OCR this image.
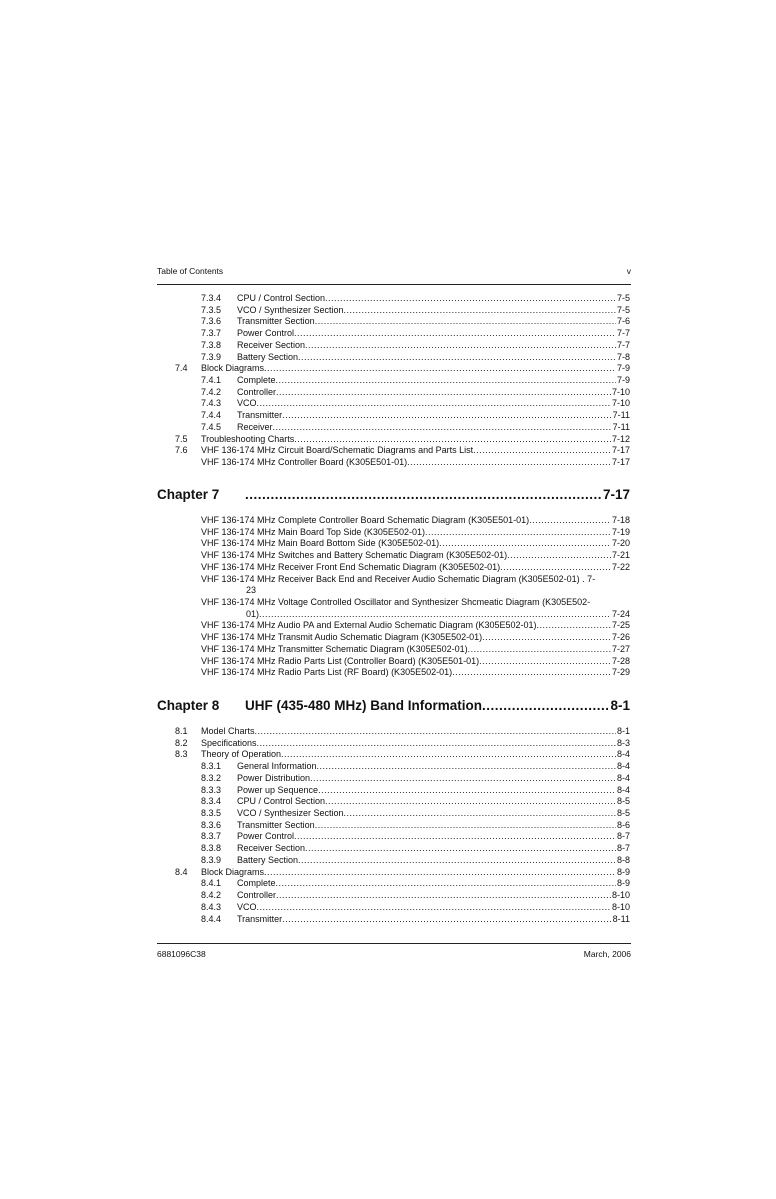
Table of Contents	v
7.3.4 CPU / Control Section .....	7-5
7.3.5 VCO / Synthesizer Section .....	7-5
7.3.6 Transmitter Section .....	7-6
7.3.7 Power Control .....	7-7
7.3.8 Receiver Section .....	7-7
7.3.9 Battery Section .....	7-8
7.4 Block Diagrams .....	7-9
7.4.1 Complete .....	7-9
7.4.2 Controller .....	7-10
7.4.3 VCO .....	7-10
7.4.4 Transmitter .....	7-11
7.4.5 Receiver .....	7-11
7.5 Troubleshooting Charts .....	7-12
7.6 VHF 136-174 MHz Circuit Board/Schematic Diagrams and Parts List .....	7-17
VHF 136-174 MHz Controller Board (K305E501-01) .....	7-17
Chapter 7 .....	7-17
VHF 136-174 MHz Complete Controller Board Schematic Diagram (K305E501-01) .....	7-18
VHF 136-174 MHz Main Board Top Side (K305E502-01) .....	7-19
VHF 136-174 MHz Main Board Bottom Side (K305E502-01) .....	7-20
VHF 136-174 MHz Switches and Battery Schematic Diagram (K305E502-01) .....	7-21
VHF 136-174 MHz Receiver Front End Schematic Diagram (K305E502-01) .....	7-22
VHF 136-174 MHz Receiver Back End and Receiver Audio Schematic Diagram (K305E502-01) . 7-
23
VHF 136-174 MHz Voltage Controlled Oscillator and Synthesizer Shcmeatic Diagram (K305E502-
01) .....	7-24
VHF 136-174 MHz Audio PA and External Audio Schematic Diagram (K305E502-01) .....	7-25
VHF 136-174 MHz Transmit Audio Schematic Diagram (K305E502-01) .....	7-26
VHF 136-174 MHz Transmitter Schematic Diagram (K305E502-01) .....	7-27
VHF 136-174 MHz Radio Parts List (Controller Board) (K305E501-01) .....	7-28
VHF 136-174 MHz Radio Parts List (RF Board) (K305E502-01) .....	7-29
Chapter 8 UHF (435-480 MHz) Band Information .....	8-1
8.1 Model Charts .....	8-1
8.2 Specifications .....	8-3
8.3 Theory of Operation .....	8-4
8.3.1 General Information .....	8-4
8.3.2 Power Distribution .....	8-4
8.3.3 Power up Sequence .....	8-4
8.3.4 CPU / Control Section .....	8-5
8.3.5 VCO / Synthesizer Section .....	8-5
8.3.6 Transmitter Section .....	8-6
8.3.7 Power Control .....	8-7
8.3.8 Receiver Section .....	8-7
8.3.9 Battery Section .....	8-8
8.4 Block Diagrams .....	8-9
8.4.1 Complete .....	8-9
8.4.2 Controller .....	8-10
8.4.3 VCO .....	8-10
8.4.4 Transmitter .....	8-11
6881096C38	March, 2006
